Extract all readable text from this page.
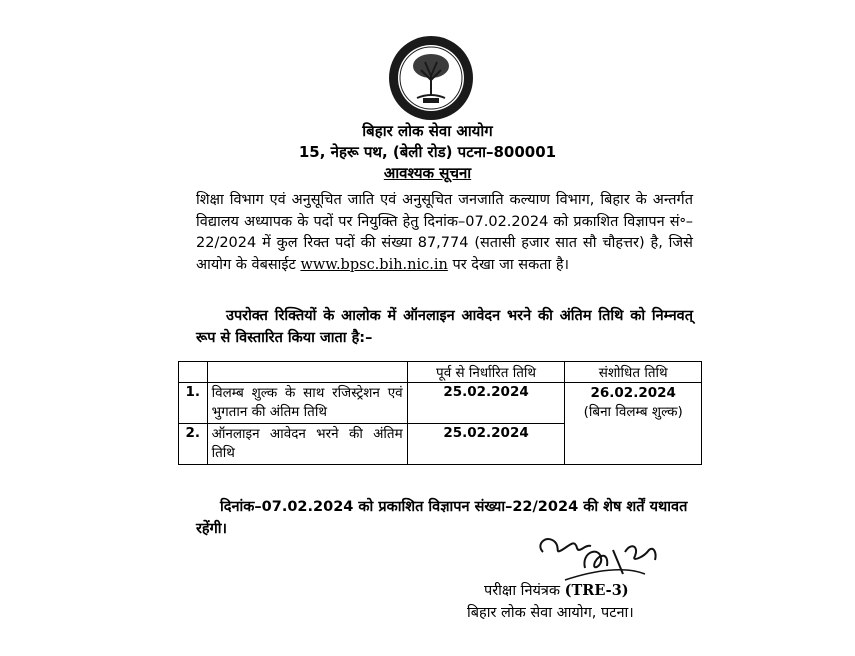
बिहार लोक सेवा आयोग
15, नेहरू पथ, (बेली रोड) पटना–800001
आवश्यक सूचना
शिक्षा विभाग एवं अनुसूचित जाति एवं अनुसूचित जनजाति कल्याण विभाग, बिहार के अन्तर्गत विद्यालय अध्यापक के पदों पर नियुक्ति हेतु दिनांक–07.02.2024 को प्रकाशित विज्ञापन सं॰–22/2024 में कुल रिक्त पदों की संख्या 87,774 (सतासी हजार सात सौ चौहत्तर) है, जिसे आयोग के वेबसाईट www.bpsc.bih.nic.in पर देखा जा सकता है।
उपरोक्त रिक्तियों के आलोक में ऑनलाइन आवेदन भरने की अंतिम तिथि को निम्नवत् रूप से विस्तारित किया जाता है:–
		पूर्व से निर्धारित तिथि	संशोधित तिथि
1.	विलम्ब शुल्क के साथ रजिस्ट्रेशन एवं भुगतान की अंतिम तिथि	25.02.2024	26.02.2024
(बिना विलम्ब शुल्क)

2.	ऑनलाइन आवेदन भरने की अंतिम तिथि	25.02.2024	
दिनांक–07.02.2024 को प्रकाशित विज्ञापन संख्या–22/2024 की शेष शर्तें यथावत रहेंगी।
परीक्षा नियंत्रक (TRE-3)
बिहार लोक सेवा आयोग, पटना।
